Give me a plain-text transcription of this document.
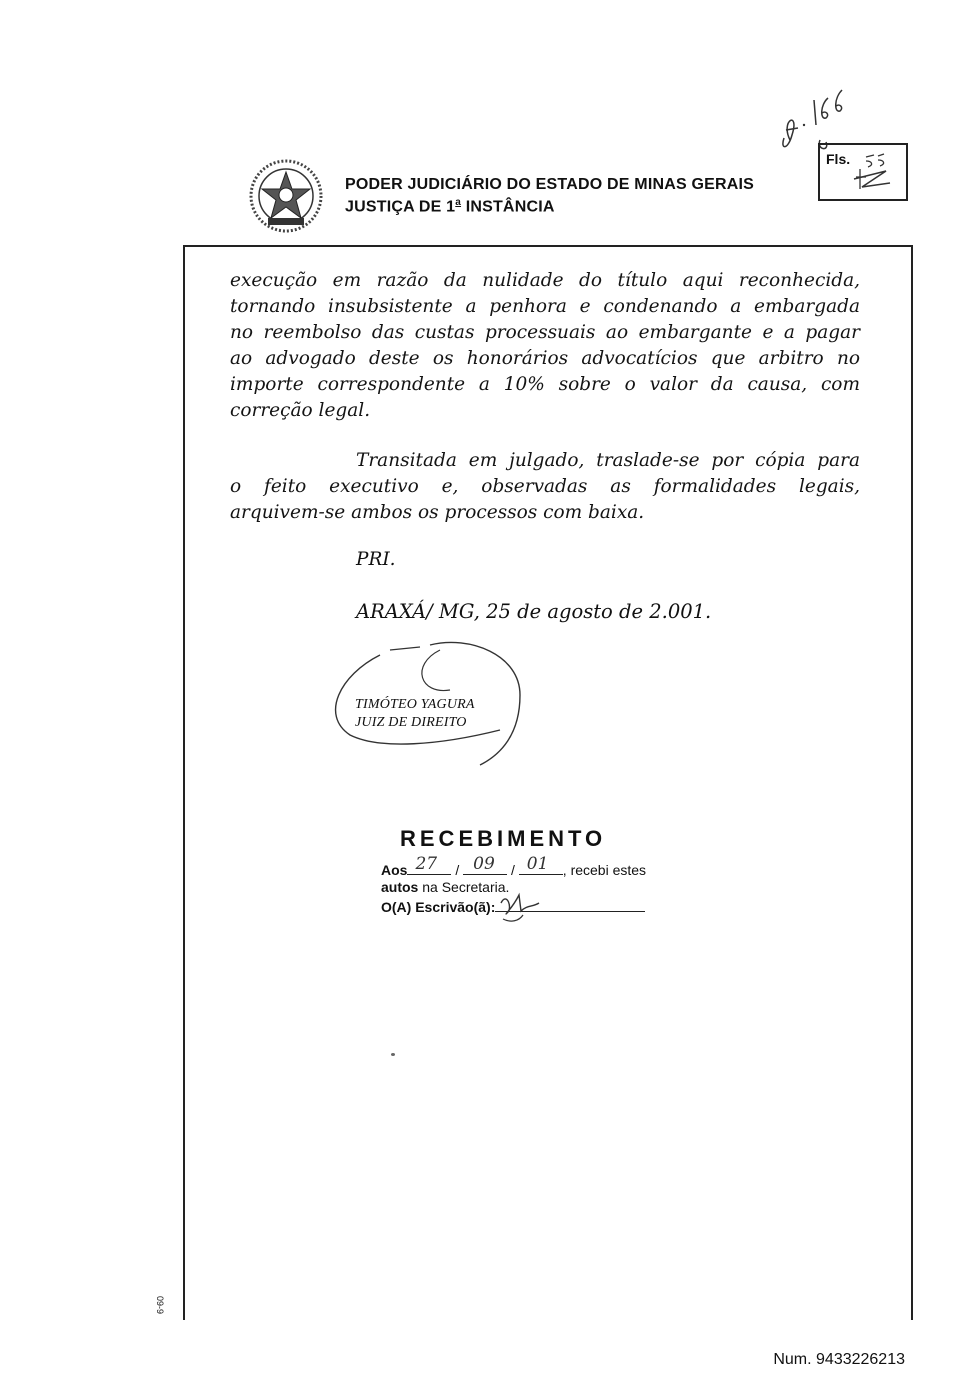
PODER JUDICIÁRIO DO ESTADO DE MINAS GERAIS
JUSTIÇA DE 1$^a$ INSTÂNCIA
Fls.
execução em razão da nulidade do título aqui reconhecida,
tornando insubsistente a penhora e condenando a embargada
no reembolso das custas processuais ao embargante e a pagar
ao advogado deste os honorários advocatícios que arbitro no
importe correspondente a 10% sobre o valor da causa, com
correção legal.
Transitada em julgado, traslade-se por cópia para
o feito executivo e, observadas as formalidades legais,
arquivem-se ambos os processos com baixa.
PRI.
ARAXÁ/ MG, 25 de agosto de 2.001.
TIMÓTEO YAGURA
JUIZ DE DIREITO
RECEBIMENTO
Aos 27 / 09 / 01 , recebi estes
autos na Secretaria.
O(A) Escrivão(ã):
09-9
Num. 9433226213
